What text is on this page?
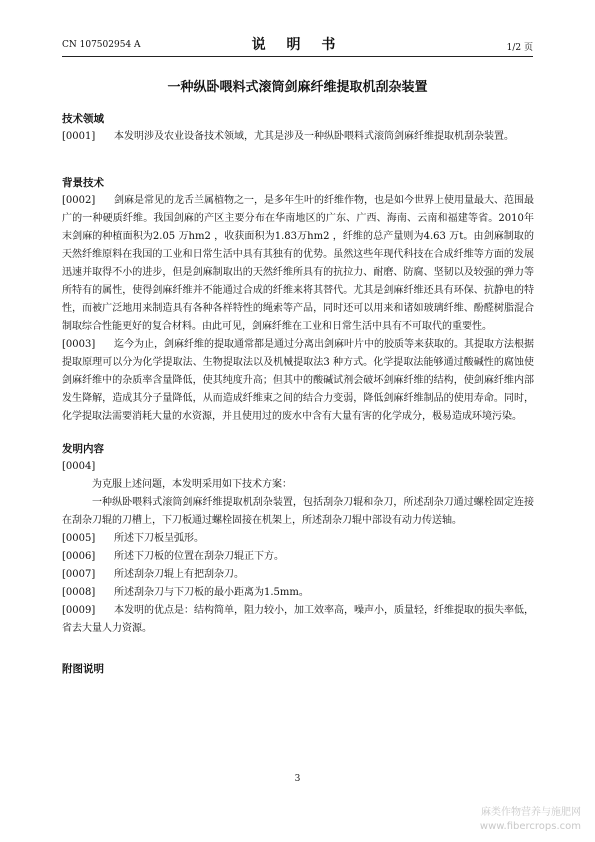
CN 107502954 A	说 明 书	1/2 页
一种纵卧喂料式滚筒剑麻纤维提取机刮杂装置
技术领域
[0001] 本发明涉及农业设备技术领域，尤其是涉及一种纵卧喂料式滚筒剑麻纤维提取机刮杂装置。
背景技术
[0002] 剑麻是常见的龙舌兰属植物之一，是多年生叶的纤维作物，也是如今世界上使用量最大、范围最广的一种硬质纤维。我国剑麻的产区主要分布在华南地区的广东、广西、海南、云南和福建等省。2010年末剑麻的种植面积为2.05 万hm2 ，收获面积为1.83万hm2 ，纤维的总产量则为4.63 万t。由剑麻制取的天然纤维原料在我国的工业和日常生活中具有其独有的优势。虽然这些年现代科技在合成纤维等方面的发展迅速并取得不小的进步，但是剑麻制取出的天然纤维所具有的抗拉力、耐磨、防腐、坚韧以及较强的弹力等所特有的属性，使得剑麻纤维并不能通过合成的纤维来将其替代。尤其是剑麻纤维还具有环保、抗静电的特性，而被广泛地用来制造具有各种各样特性的绳索等产品，同时还可以用来和诸如玻璃纤维、酚醛树脂混合制取综合性能更好的复合材料。由此可见，剑麻纤维在工业和日常生活中具有不可取代的重要性。
[0003] 迄今为止，剑麻纤维的提取通常都是通过分离出剑麻叶片中的胶质等来获取的。其提取方法根据提取原理可以分为化学提取法、生物提取法以及机械提取法3 种方式。化学提取法能够通过酸碱性的腐蚀使剑麻纤维中的杂质率含量降低，使其纯度升高；但其中的酸碱试剂会破坏剑麻纤维的结构，使剑麻纤维内部发生降解，造成其分子量降低，从而造成纤维束之间的结合力变弱，降低剑麻纤维制品的使用寿命。同时，化学提取法需要消耗大量的水资源，并且使用过的废水中含有大量有害的化学成分，极易造成环境污染。
发明内容
[0004]
为克服上述问题，本发明采用如下技术方案：
一种纵卧喂料式滚筒剑麻纤维提取机刮杂装置，包括刮杂刀辊和杂刀，所述刮杂刀通过螺栓固定连接在刮杂刀辊的刀槽上，下刀板通过螺栓固接在机架上，所述刮杂刀辊中部设有动力传送轴。
[0005] 所述下刀板呈弧形。
[0006] 所述下刀板的位置在刮杂刀辊正下方。
[0007] 所述刮杂刀辊上有把刮杂刀。
[0008] 所述刮杂刀与下刀板的最小距离为1.5mm。
[0009] 本发明的优点是：结构简单，阻力较小，加工效率高，噪声小，质量轻，纤维提取的损失率低，省去大量人力资源。
附图说明
3
麻类作物营养与施肥网
www.fibercrops.com
